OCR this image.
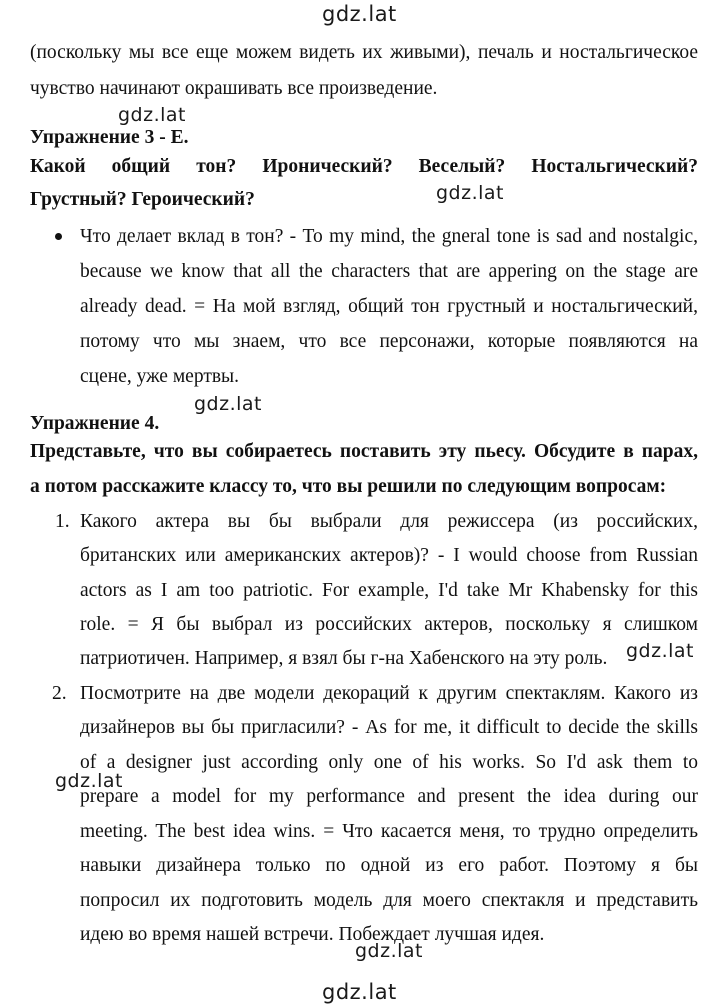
gdz.lat
gdz.lat
gdz.lat
gdz.lat
gdz.lat
gdz.lat
gdz.lat
gdz.lat
(поскольку мы все еще можем видеть их живыми), печаль и ностальгическое
чувство начинают окрашивать все произведение.
Упражнение 3 - E.
Какой общий тон? Иронический? Веселый? Ностальгический?
Грустный? Героический?
Что делает вклад в тон? - To my mind, the gneral tone is sad and nostalgic,
because we know that all the characters that are appering on the stage are
already dead. = На мой взгляд, общий тон грустный и ностальгический,
потому что мы знаем, что все персонажи, которые появляются на
сцене, уже мертвы.
Упражнение 4.
Представьте, что вы собираетесь поставить эту пьесу. Обсудите в парах,
а потом расскажите классу то, что вы решили по следующим вопросам:
1. Какого актера вы бы выбрали для режиссера (из российских,
британских или американских актеров)? - I would choose from Russian
actors as I am too patriotic. For example, I'd take Mr Khabensky for this
role. = Я бы выбрал из российских актеров, поскольку я слишком
патриотичен. Например, я взял бы г-на Хабенского на эту роль.
2. Посмотрите на две модели декораций к другим спектаклям. Какого из
дизайнеров вы бы пригласили? - As for me, it difficult to decide the skills
of a designer just according only one of his works. So I'd ask them to
prepare a model for my performance and present the idea during our
meeting. The best idea wins. = Что касается меня, то трудно определить
навыки дизайнера только по одной из его работ. Поэтому я бы
попросил их подготовить модель для моего спектакля и представить
идею во время нашей встречи. Побеждает лучшая идея.
